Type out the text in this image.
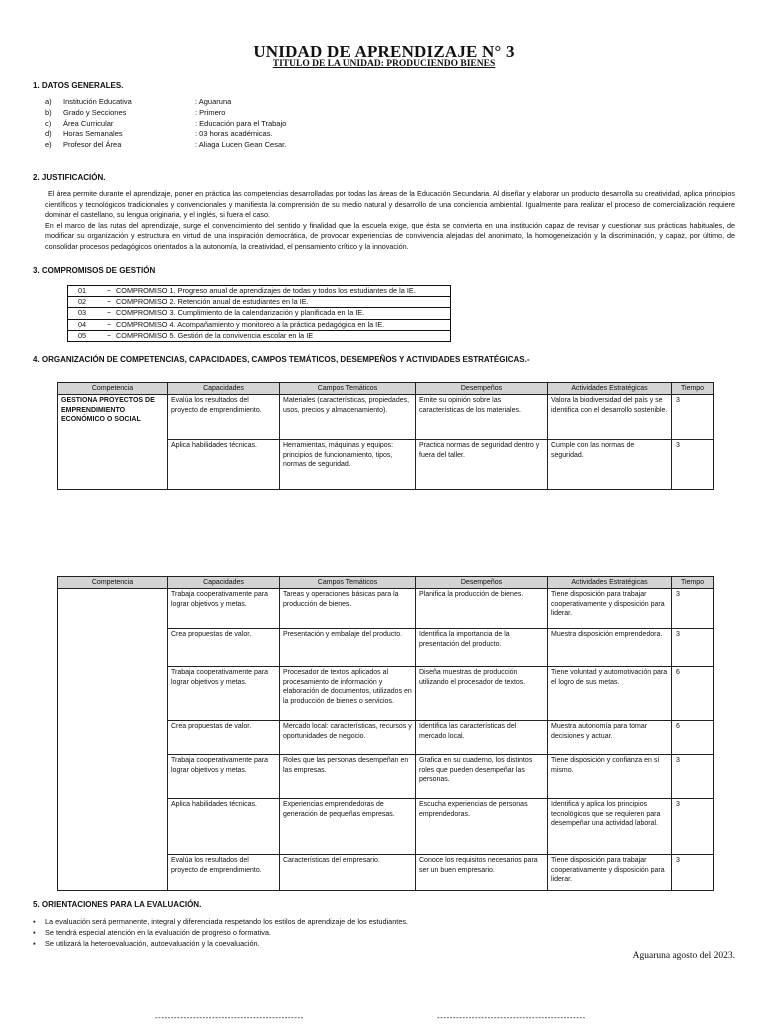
UNIDAD DE APRENDIZAJE N° 3
TITULO DE LA UNIDAD: PRODUCIENDO BIENES
1. DATOS GENERALES.
a)	Institución Educativa	: Aguaruna
b)	Grado y Secciones	: Primero
c)	Área Curricular	: Educación para el Trabajo
d)	Horas Semanales	: 03 horas académicas.
e)	Profesor del Área	: Aliaga Lucen Gean Cesar.
2. JUSTIFICACIÓN.

El área permite durante el aprendizaje, poner en práctica las competencias desarrolladas por todas las áreas de la Educación Secundaria. Al diseñar y elaborar un producto desarrolla su creatividad, aplica principios científicos y tecnológicos tradicionales y convencionales y manifiesta la comprensión de su medio natural y desarrollo de una conciencia ambiental. Igualmente para realizar el proceso de comercialización requiere dominar el castellano, su lengua originaria, y el inglés, si fuera el caso.

En el marco de las rutas del aprendizaje, surge el convencimiento del sentido y finalidad que la escuela exige, que ésta se convierta en una institución capaz de revisar y cuestionar sus prácticas habituales, de modificar su organización y estructura en virtud de una inspiración democrática, de provocar experiencias de convivencia alejadas del anonimato, la homogeneización y la discriminación, y capaz, por último, de consolidar procesos pedagógicos orientados a la autonomía, la creatividad, el pensamiento crítico y la innovación.

3. COMPROMISOS DE GESTIÓN
01	− COMPROMISO 1. Progreso anual de aprendizajes de todas y todos los estudiantes de la IE.
02	− COMPROMISO 2. Retención anual de estudiantes en la IE.
03	− COMPROMISO 3. Cumplimiento de la calendarización y planificada en la IE.
04	− COMPROMISO 4. Acompañamiento y monitoreo a la práctica pedagógica en la IE.
05	− COMPROMISO 5. Gestión de la convivencia escolar en la IE
4. ORGANIZACIÓN DE COMPETENCIAS, CAPACIDADES, CAMPOS TEMÁTICOS, DESEMPEÑOS Y ACTIVIDADES ESTRATÉGICAS.-
Competencia	Capacidades	Campos Temáticos	Desempeños	Actividades Estratégicas	Tiempo
GESTIONA PROYECTOS DE EMPRENDIMIENTO ECONÓMICO O SOCIAL	Evalúa los resultados del proyecto de emprendimiento.	Materiales (características, propiedades, usos, precios y almacenamiento).	Emite su opinión sobre las características de los materiales.	Valora la biodiversidad del país y se identifica con el desarrollo sostenible.	3
	Aplica habilidades técnicas.	Herramientas, máquinas y equipos: principios de funcionamiento, tipos, normas de seguridad.	Practica normas de seguridad dentro y fuera del taller.	Cumple con las normas de seguridad.	3
Competencia	Capacidades	Campos Temáticos	Desempeños	Actividades Estratégicas	Tiempo
	Trabaja cooperativamente para lograr objetivos y metas.	Tareas y operaciones básicas para la producción de bienes.	Planifica la producción de bienes.	Tiene disposición para trabajar cooperativamente y disposición para liderar.	3
	Crea propuestas de valor.	Presentación y embalaje del producto.	Identifica la importancia de la presentación del producto.	Muestra disposición emprendedora.	3
	Trabaja cooperativamente para lograr objetivos y metas.	Procesador de textos aplicados al procesamiento de información y elaboración de documentos, utilizados en la producción de bienes o servicios.	Diseña muestras de producción utilizando el procesador de textos.	Tiene voluntad y automotivación para el logro de sus metas.	6
	Crea propuestas de valor.	Mercado local: características, recursos y oportunidades de negocio.	Identifica las características del mercado local.	Muestra autonomía para tomar decisiones y actuar.	6
	Trabaja cooperativamente para lograr objetivos y metas.	Roles que las personas desempeñan en las empresas.	Grafica en su cuaderno, los distintos roles que pueden desempeñar las personas.	Tiene disposición y confianza en sí mismo.	3
	Aplica habilidades técnicas.	Experiencias emprendedoras de generación de pequeñas empresas.	Escucha experiencias de personas emprendedoras.	Identifica y aplica los principios tecnológicos que se requieren para desempeñar una actividad laboral.	3
	Evalúa los resultados del proyecto de emprendimiento.	Características del empresario.	Conoce los requisitos necesarios para ser un buen empresario.	Tiene disposición para trabajar cooperativamente y disposición para liderar.	3
5. ORIENTACIONES PARA LA EVALUACIÓN.
▪	La evaluación será permanente, integral y diferenciada respetando los estilos de aprendizaje de los estudiantes.
▪	Se tendrá especial atención en la evaluación de progreso o formativa.
▪	Se utilizará la heteroevaluación, autoevaluación y la coevaluación.
Aguaruna agosto del 2023.
-----------------------------------------------	-----------------------------------------------
